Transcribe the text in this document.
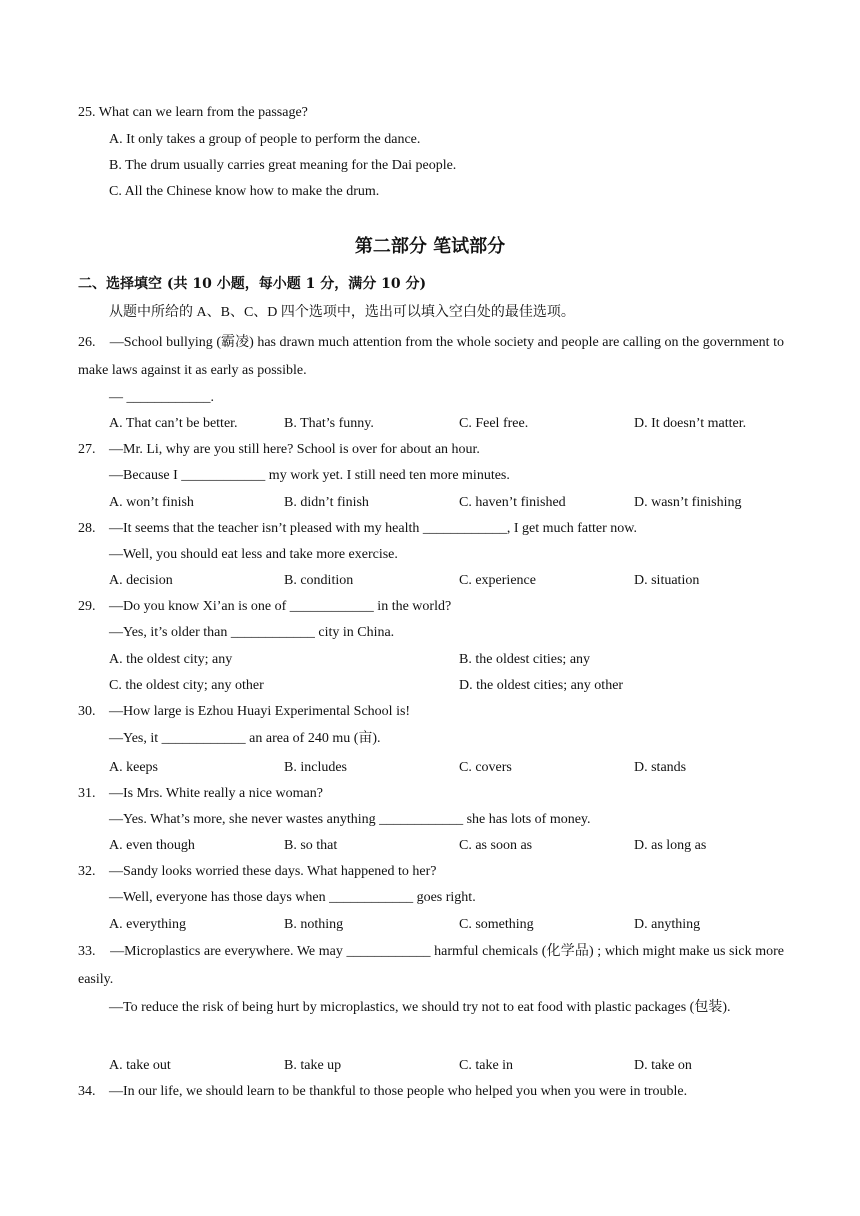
25. What can we learn from the passage?
A. It only takes a group of people to perform the dance.
B. The drum usually carries great meaning for the Dai people.
C. All the Chinese know how to make the drum.
第二部分 笔试部分
二、选择填空 (共 10 小题，每小题 1 分，满分 10 分)
从题中所给的 A、B、C、D 四个选项中，选出可以填入空白处的最佳选项。
26. —School bullying (霸凌) has drawn much attention from the whole society and people are calling on the government to make laws against it as early as possible.
— ____________.
A. That can’t be better.	B. That’s funny.	C. Feel free.	D. It doesn’t matter.
27. —Mr. Li, why are you still here? School is over for about an hour.
—Because I ____________ my work yet. I still need ten more minutes.
A. won’t finish	B. didn’t finish	C. haven’t finished	D. wasn’t finishing
28. —It seems that the teacher isn’t pleased with my health ____________, I get much fatter now.
—Well, you should eat less and take more exercise.
A. decision	B. condition	C. experience	D. situation
29. —Do you know Xi’an is one of ____________ in the world?
—Yes, it’s older than ____________ city in China.
A. the oldest city; any	B. the oldest cities; any
C. the oldest city; any other	D. the oldest cities; any other
30. —How large is Ezhou Huayi Experimental School is!
—Yes, it ____________ an area of 240 mu (亩).
A. keeps	B. includes	C. covers	D. stands
31. —Is Mrs. White really a nice woman?
—Yes. What’s more, she never wastes anything ____________ she has lots of money.
A. even though	B. so that	C. as soon as	D. as long as
32. —Sandy looks worried these days. What happened to her?
—Well, everyone has those days when ____________ goes right.
A. everything	B. nothing	C. something	D. anything
33. —Microplastics are everywhere. We may ____________ harmful chemicals (化学品) ; which might make us sick more easily.
—To reduce the risk of being hurt by microplastics, we should try not to eat food with plastic packages (包装).
A. take out	B. take up	C. take in	D. take on
34. —In our life, we should learn to be thankful to those people who helped you when you were in trouble.
